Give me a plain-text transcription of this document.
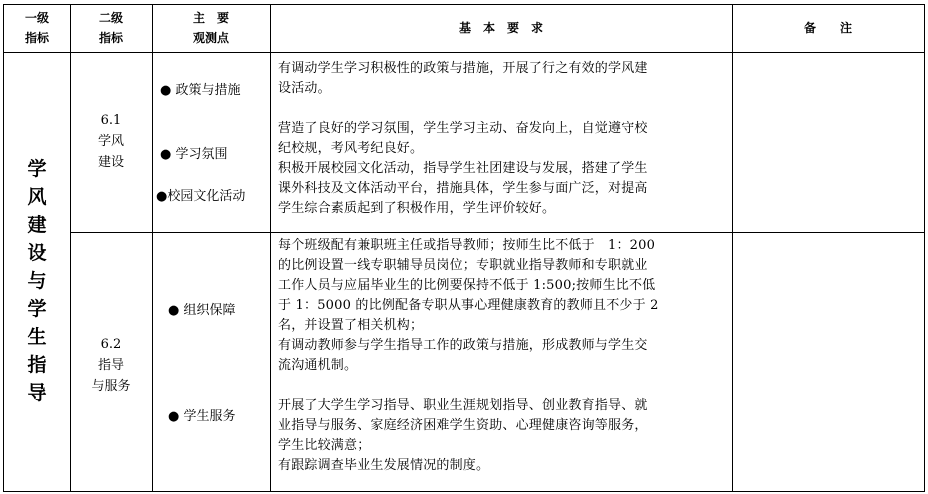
一级
指标
二级
指标
主　要
观测点
基　本　要　求	备　　注
学
风
建
设
与
学
生
指
导
6.1
学风
建设
● 政策与措施
● 学习氛围
●校园文化活动

有调动学生学习积极性的政策与措施，开展了行之有效的学风建

设活动。

营造了良好的学习氛围，学生学习主动、奋发向上，自觉遵守校

纪校规，考风考纪良好。

积极开展校园文化活动，指导学生社团建设与发展，搭建了学生

课外科技及文体活动平台，措施具体，学生参与面广泛，对提高

学生综合素质起到了积极作用，学生评价较好。

6.2
指导
与服务
● 组织保障
● 学生服务

每个班级配有兼职班主任或指导教师；按师生比不低于　1：200

的比例设置一线专职辅导员岗位；专职就业指导教师和专职就业

工作人员与应届毕业生的比例要保持不低于 1:500;按师生比不低

于 1：5000 的比例配备专职从事心理健康教育的教师且不少于 2

名，并设置了相关机构；

有调动教师参与学生指导工作的政策与措施，形成教师与学生交

流沟通机制。

开展了大学生学习指导、职业生涯规划指导、创业教育指导、就

业指导与服务、家庭经济困难学生资助、心理健康咨询等服务，

学生比较满意；

有跟踪调查毕业生发展情况的制度。
